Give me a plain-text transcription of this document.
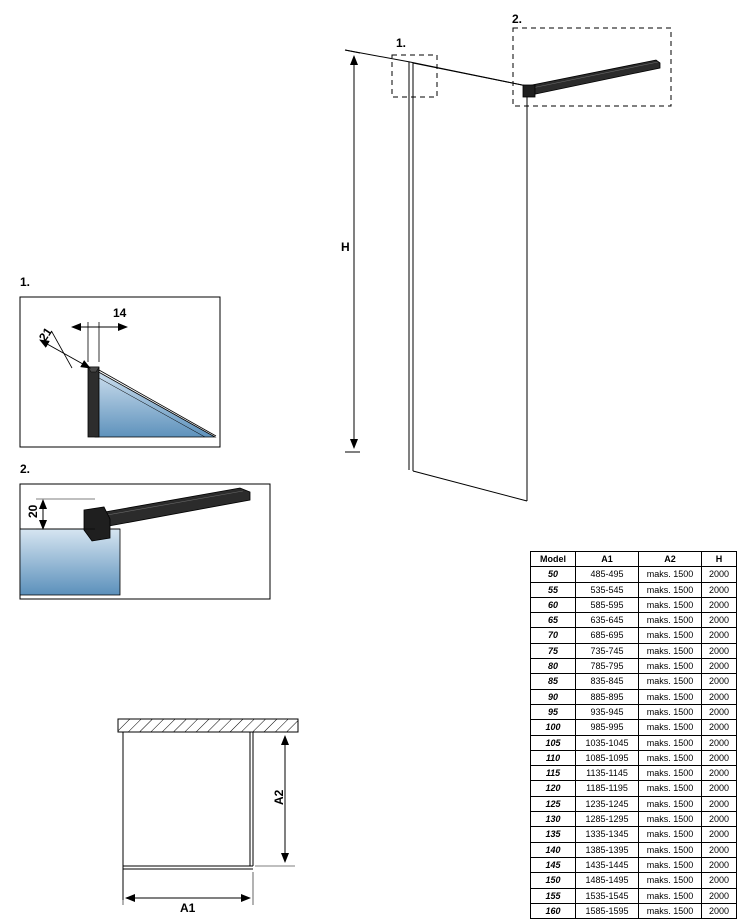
1.
2.
14
21
20
1.
2.
H
A1
A2
Model	A1	A2	H
50	485-495	maks. 1500	2000
55	535-545	maks. 1500	2000
60	585-595	maks. 1500	2000
65	635-645	maks. 1500	2000
70	685-695	maks. 1500	2000
75	735-745	maks. 1500	2000
80	785-795	maks. 1500	2000
85	835-845	maks. 1500	2000
90	885-895	maks. 1500	2000
95	935-945	maks. 1500	2000
100	985-995	maks. 1500	2000
105	1035-1045	maks. 1500	2000
110	1085-1095	maks. 1500	2000
115	1135-1145	maks. 1500	2000
120	1185-1195	maks. 1500	2000
125	1235-1245	maks. 1500	2000
130	1285-1295	maks. 1500	2000
135	1335-1345	maks. 1500	2000
140	1385-1395	maks. 1500	2000
145	1435-1445	maks. 1500	2000
150	1485-1495	maks. 1500	2000
155	1535-1545	maks. 1500	2000
160	1585-1595	maks. 1500	2000
